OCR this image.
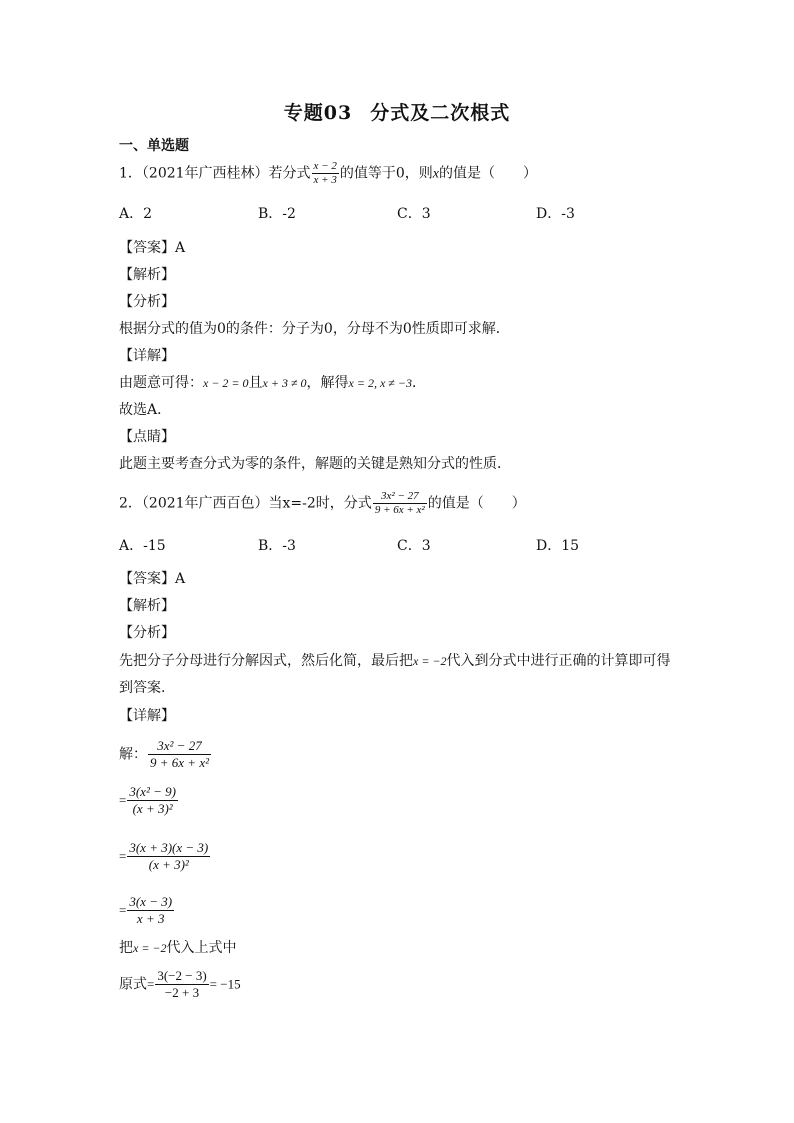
专题03 分式及二次根式
一、单选题
1．（2021年广西桂林）若分式 $\frac{x - 2}{x + 3}$ 的值等于0，则x的值是（　　）
A．2	B．-2	C．3	D．-3
【答案】A
【解析】
【分析】
根据分式的值为0的条件：分子为0，分母不为0性质即可求解．
【详解】
由题意可得：x − 2 = 0且x + 3 ≠ 0，解得x = 2, x ≠ −3．
故选A．
【点睛】
此题主要考查分式为零的条件，解题的关键是熟知分式的性质．
2．（2021年广西百色）当x=-2时，分式 $\frac{\text{3x² − 27}}{\text{9 + 6x + x²}}$ 的值是（　　）
A．-15	B．-3	C．3	D．15
【答案】A
【解析】
【分析】
先把分子分母进行分解因式，然后化简，最后把x = −2代入到分式中进行正确的计算即可得
到答案.
【详解】
解： $\frac{\text{3x² − 27}}{\text{9 + 6x + x²}}$
= $\frac{\text{3(x² − 9)}}{\text{(x + 3)²}}$
= $\frac{3(x + 3)(x - 3)}{\text{(x + 3)²}}$
= $\frac{3(x - 3)}{x + 3}$
把x = −2代入上式中
原式= $\frac{3(-2 - 3)}{-2 + 3} = -15$
